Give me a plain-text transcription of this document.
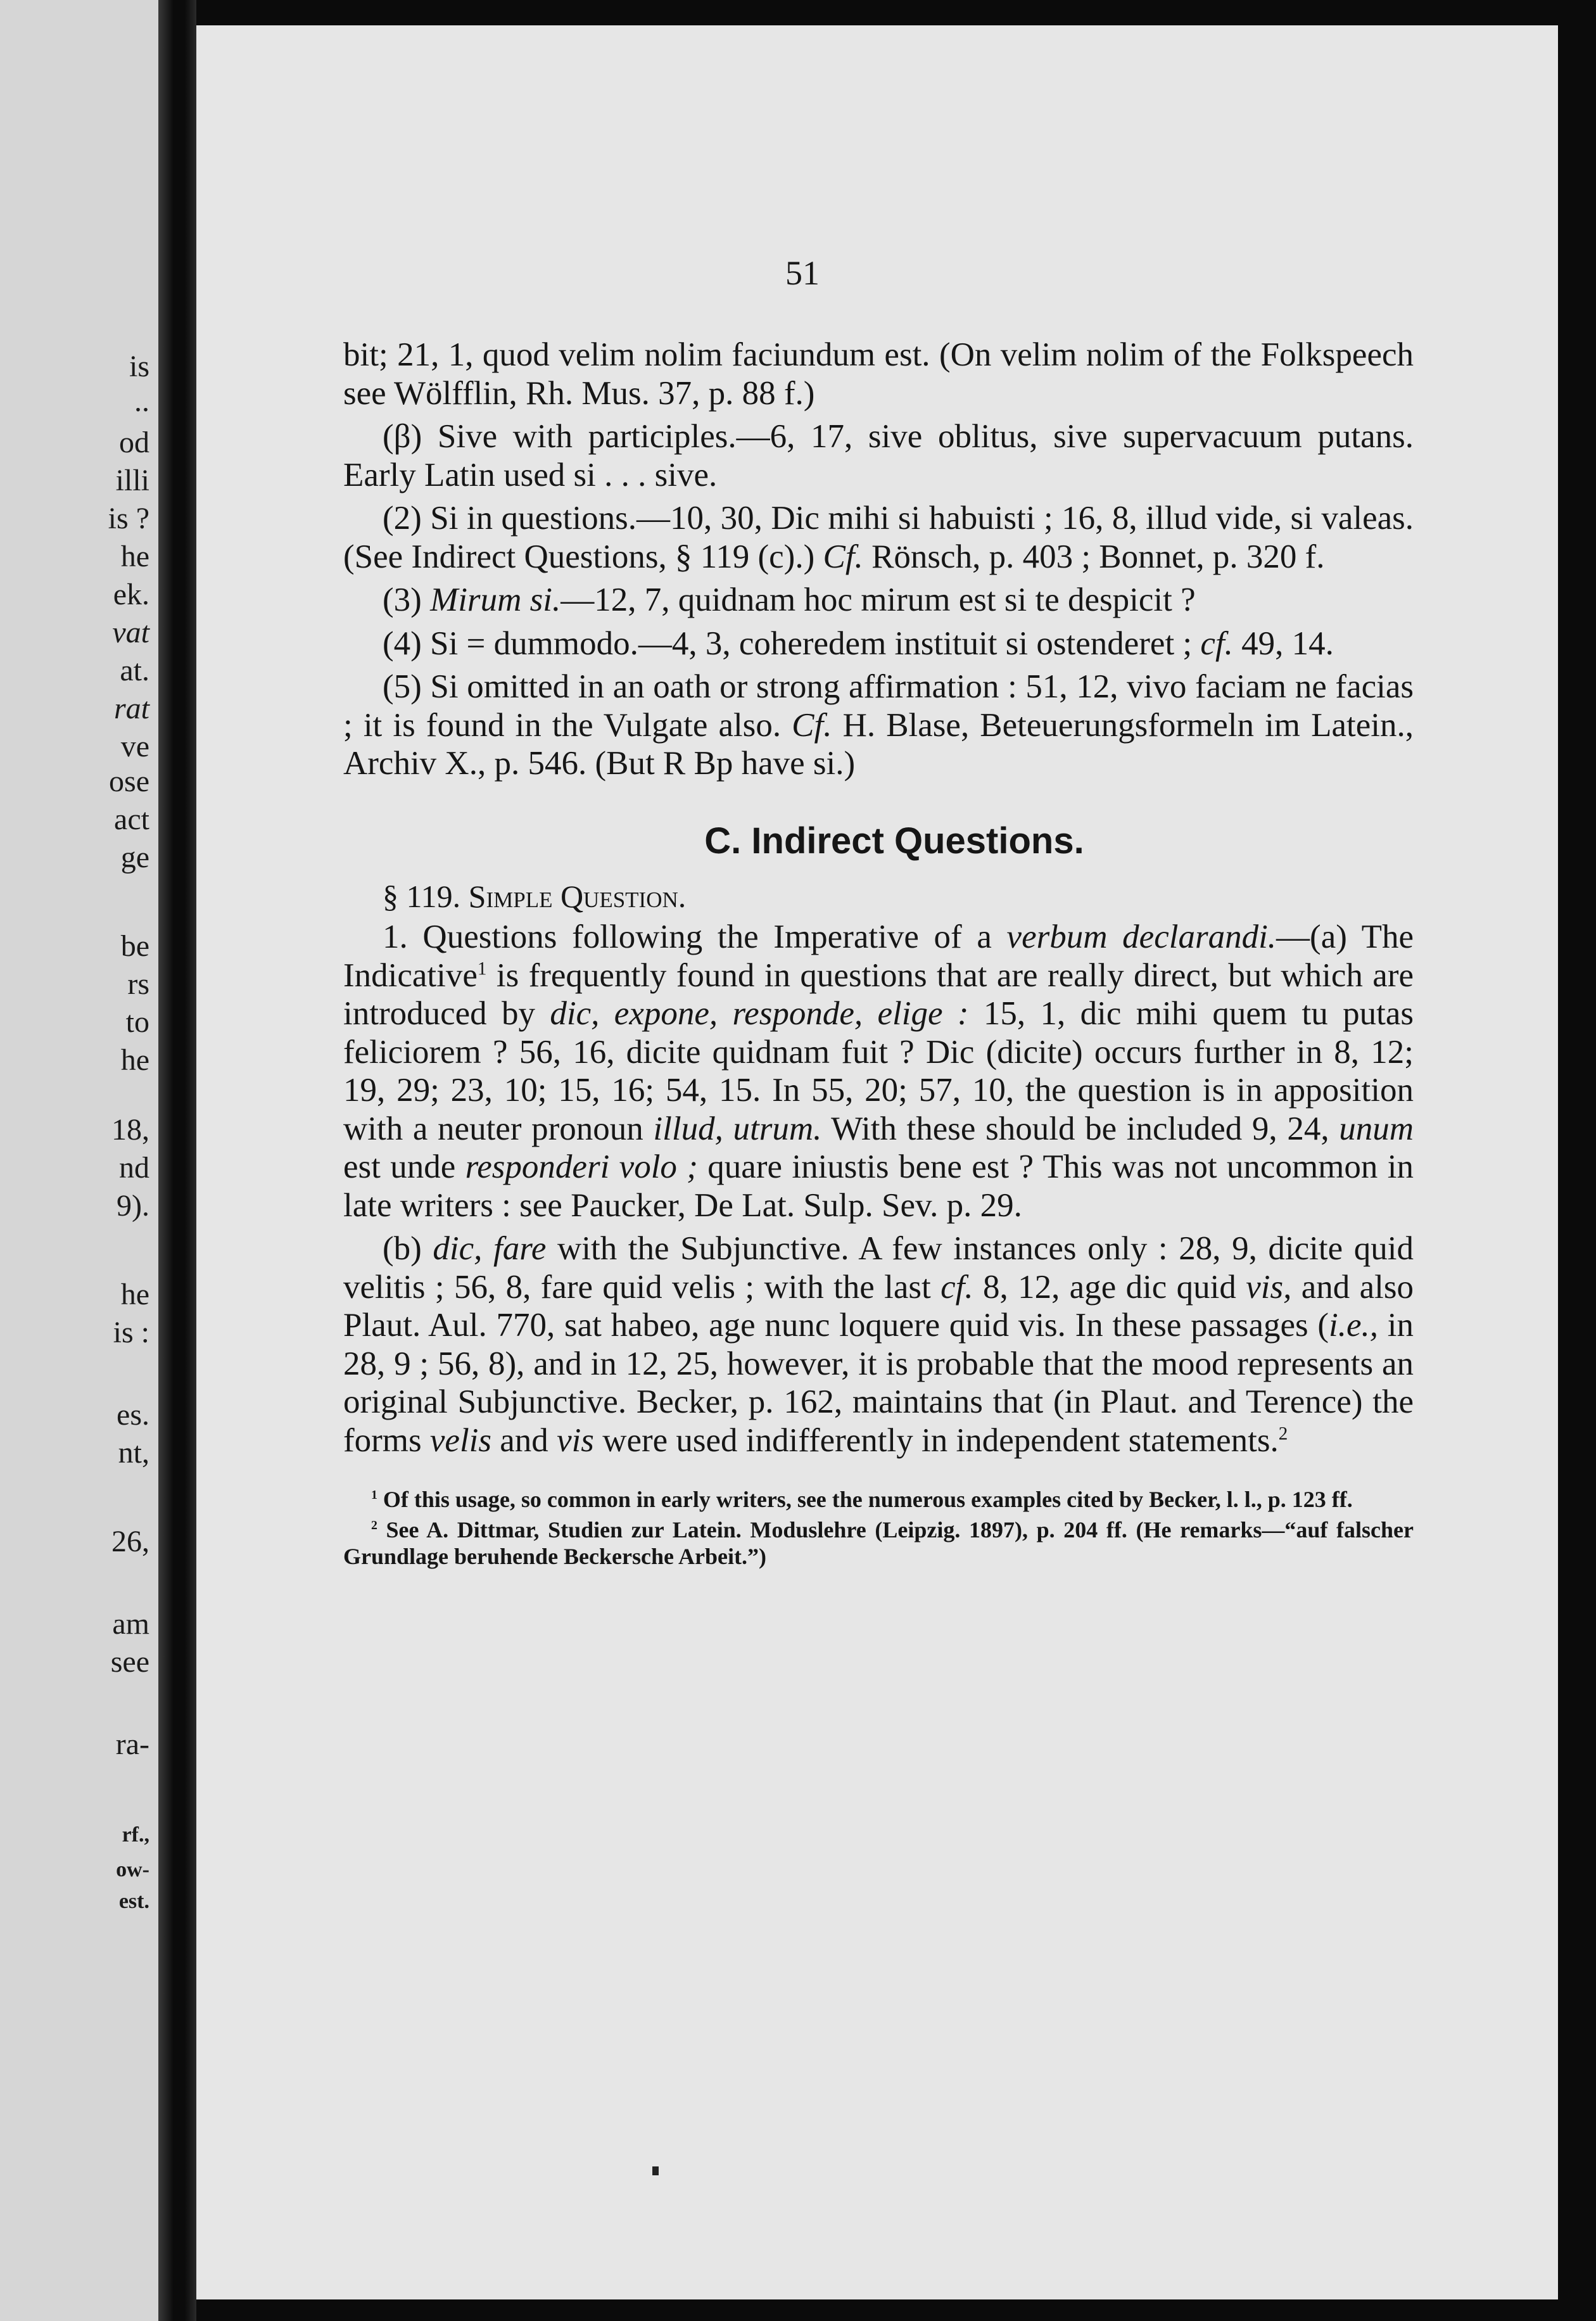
is
..
od
illi
is ?
he
ek.
vat
at.
rat
ve
ose
act
ge
be
rs
to
he
18,
nd
9).
he
is :
es.
nt,
26,
am
see
ra-
rf.,
ow-
est.
51

bit; 21, 1, quod velim nolim faciundum est. (On velim nolim of the Folkspeech see Wölfflin, Rh. Mus. 37, p. 88 f.)

(β) Sive with participles.—6, 17, sive oblitus, sive supervacuum putans. Early Latin used si . . . sive.

(2) Si in questions.—10, 30, Dic mihi si habuisti ; 16, 8, illud vide, si valeas. (See Indirect Questions, § 119 (c).) Cf. Rönsch, p. 403 ; Bonnet, p. 320 f.

(3) Mirum si.—12, 7, quidnam hoc mirum est si te despicit ?

(4) Si = dummodo.—4, 3, coheredem instituit si ostenderet ; cf. 49, 14.

(5) Si omitted in an oath or strong affirmation : 51, 12, vivo faciam ne facias ; it is found in the Vulgate also. Cf. H. Blase, Beteuerungsformeln im Latein., Archiv X., p. 546. (But R Bp have si.)

C. Indirect Questions.

§ 119. Simple Question.

1. Questions following the Imperative of a verbum declarandi.—(a) The Indicative$^1$ is frequently found in questions that are really direct, but which are introduced by dic, expone, responde, elige : 15, 1, dic mihi quem tu putas feliciorem ? 56, 16, dicite quidnam fuit ? Dic (dicite) occurs further in 8, 12; 19, 29; 23, 10; 15, 16; 54, 15. In 55, 20; 57, 10, the question is in apposition with a neuter pronoun illud, utrum. With these should be included 9, 24, unum est unde responderi volo ; quare iniustis bene est ? This was not uncommon in late writers : see Paucker, De Lat. Sulp. Sev. p. 29.

(b) dic, fare with the Subjunctive. A few instances only : 28, 9, dicite quid velitis ; 56, 8, fare quid velis ; with the last cf. 8, 12, age dic quid vis, and also Plaut. Aul. 770, sat habeo, age nunc loquere quid vis. In these passages (i.e., in 28, 9 ; 56, 8), and in 12, 25, however, it is probable that the mood represents an original Subjunctive. Becker, p. 162, maintains that (in Plaut. and Terence) the forms velis and vis were used indifferently in independent statements.$^2$

$^1$ Of this usage, so common in early writers, see the numerous examples cited by Becker, l. l., p. 123 ff.

$^2$ See A. Dittmar, Studien zur Latein. Moduslehre (Leipzig. 1897), p. 204 ff. (He remarks—“auf falscher Grundlage beruhende Beckersche Arbeit.”)
